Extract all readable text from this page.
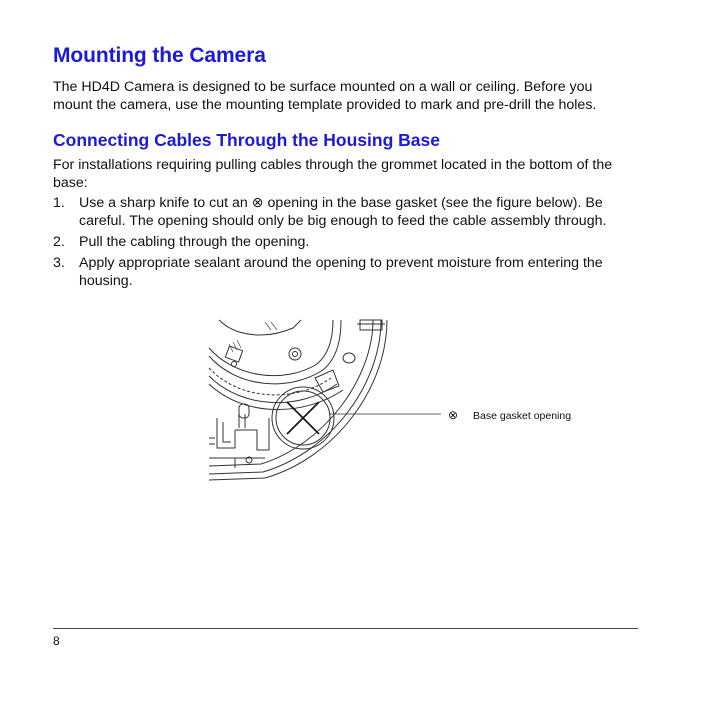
Mounting the Camera

The HD4D Camera is designed to be surface mounted on a wall or ceiling. Before you mount the camera, use the mounting template provided to mark and pre-drill the holes.

Connecting Cables Through the Housing Base

For installations requiring pulling cables through the grommet located in the bottom of the base:

1. Use a sharp knife to cut an ⊗ opening in the base gasket (see the figure below). Be careful. The opening should only be big enough to feed the cable assembly through.
2. Pull the cabling through the opening.
3. Apply appropriate sealant around the opening to prevent moisture from entering the housing.
⊗ Base gasket opening
8
